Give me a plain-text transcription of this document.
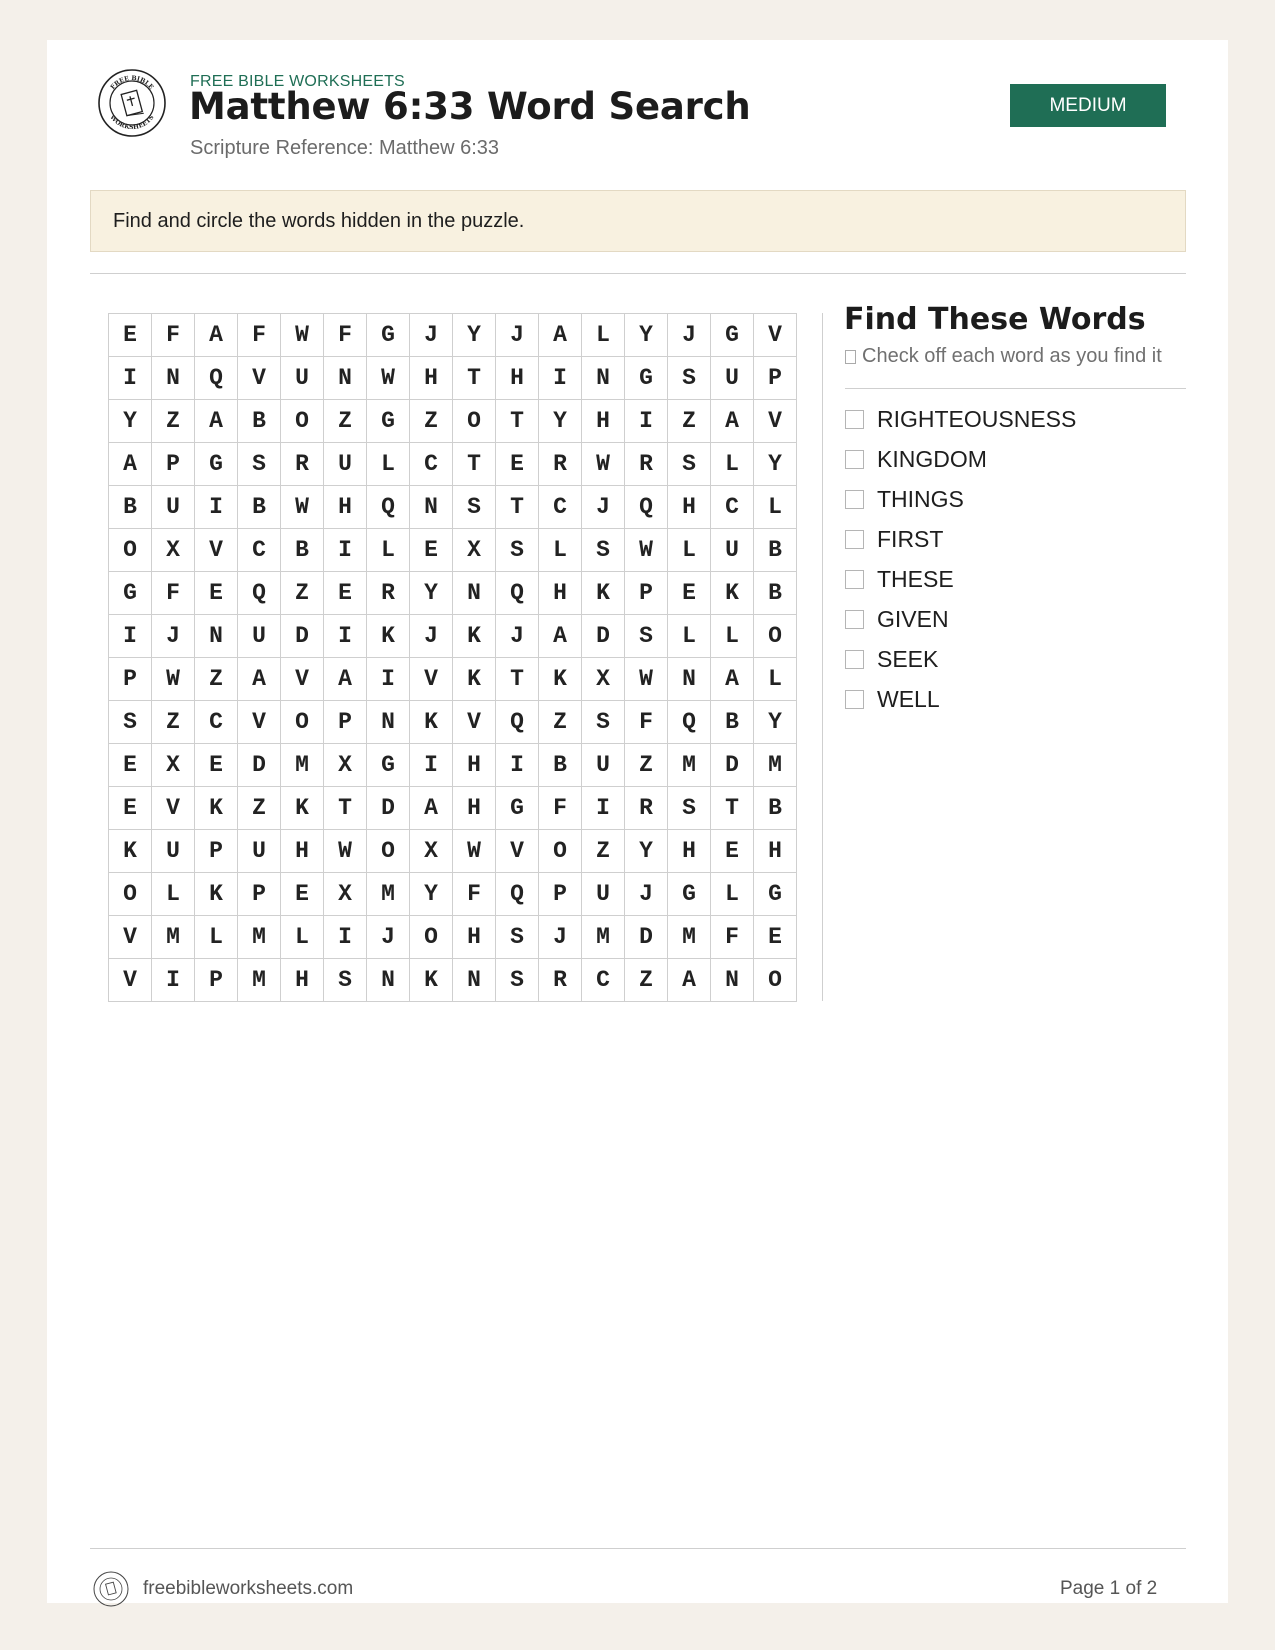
FREE BIBLE
WORKSHEETS
FREE BIBLE WORKSHEETS
Matthew 6:33 Word Search
Scripture Reference: Matthew 6:33
MEDIUM
Find and circle the words hidden in the puzzle.
E	F	A	F	W	F	G	J	Y	J	A	L	Y	J	G	V
I	N	Q	V	U	N	W	H	T	H	I	N	G	S	U	P
Y	Z	A	B	O	Z	G	Z	O	T	Y	H	I	Z	A	V
A	P	G	S	R	U	L	C	T	E	R	W	R	S	L	Y
B	U	I	B	W	H	Q	N	S	T	C	J	Q	H	C	L
O	X	V	C	B	I	L	E	X	S	L	S	W	L	U	B
G	F	E	Q	Z	E	R	Y	N	Q	H	K	P	E	K	B
I	J	N	U	D	I	K	J	K	J	A	D	S	L	L	O
P	W	Z	A	V	A	I	V	K	T	K	X	W	N	A	L
S	Z	C	V	O	P	N	K	V	Q	Z	S	F	Q	B	Y
E	X	E	D	M	X	G	I	H	I	B	U	Z	M	D	M
E	V	K	Z	K	T	D	A	H	G	F	I	R	S	T	B
K	U	P	U	H	W	O	X	W	V	O	Z	Y	H	E	H
O	L	K	P	E	X	M	Y	F	Q	P	U	J	G	L	G
V	M	L	M	L	I	J	O	H	S	J	M	D	M	F	E
V	I	P	M	H	S	N	K	N	S	R	C	Z	A	N	O
Find These Words
Check off each word as you find it
RIGHTEOUSNESS
KINGDOM
THINGS
FIRST
THESE
GIVEN
SEEK
WELL
freebibleworksheets.com	Page 1 of 2
